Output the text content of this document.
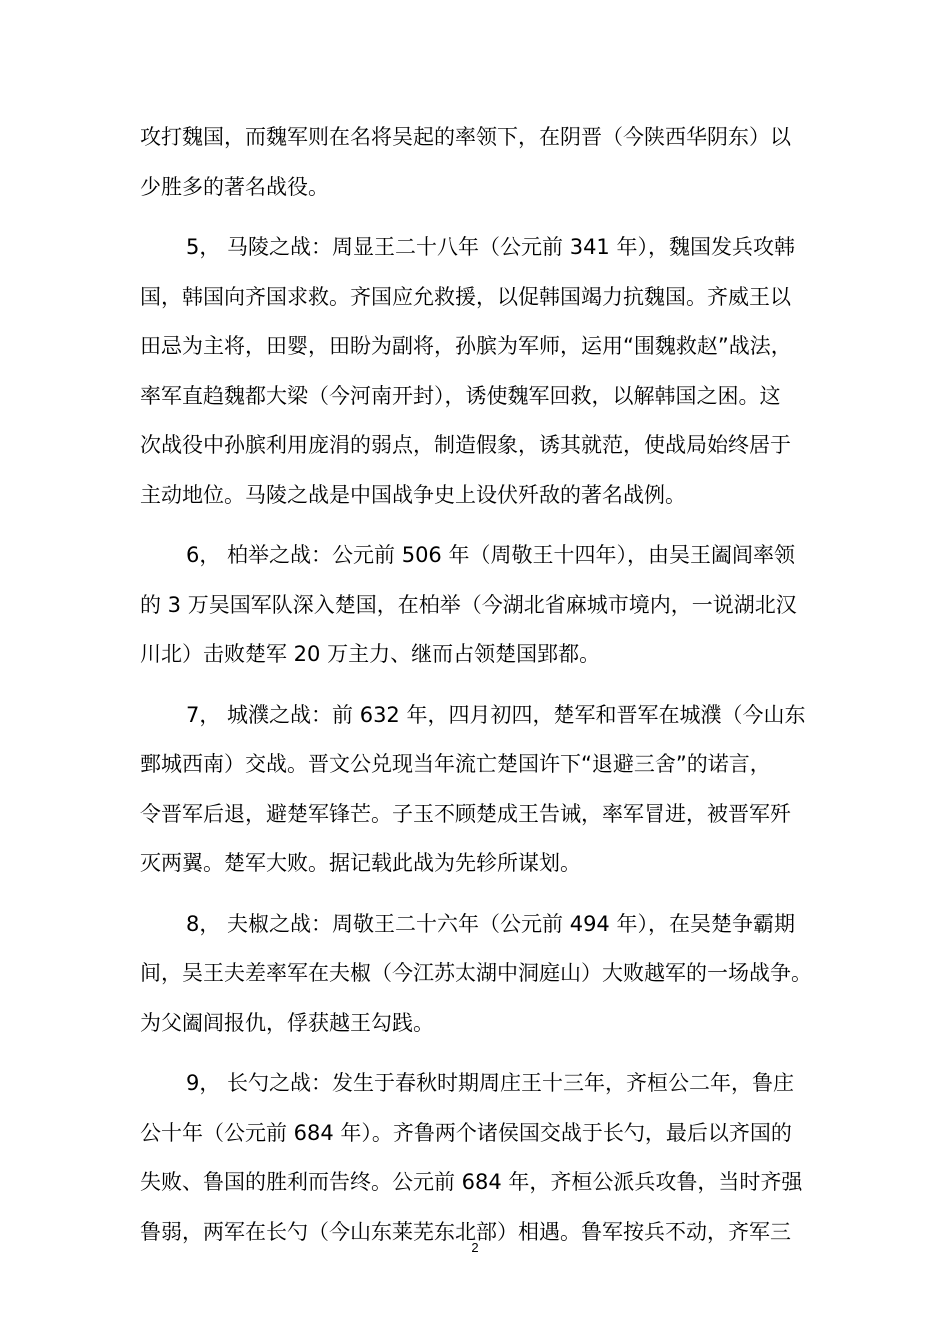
攻打魏国，而魏军则在名将吴起的率领下，在阴晋（今陕西华阴东）以
少胜多的著名战役。
5， 马陵之战：周显王二十八年（公元前 341 年），魏国发兵攻韩
国，韩国向齐国求救。齐国应允救援，以促韩国竭力抗魏国。齐威王以
田忌为主将，田婴，田盼为副将，孙膑为军师，运用“围魏救赵”战法，
率军直趋魏都大梁（今河南开封），诱使魏军回救，以解韩国之困。这
次战役中孙膑利用庞涓的弱点，制造假象，诱其就范，使战局始终居于
主动地位。马陵之战是中国战争史上设伏歼敌的著名战例。
6， 柏举之战：公元前 506 年（周敬王十四年），由吴王阖闾率领
的 3 万吴国军队深入楚国，在柏举（今湖北省麻城市境内，一说湖北汉
川北）击败楚军 20 万主力、继而占领楚国郢都。
7， 城濮之战：前 632 年，四月初四，楚军和晋军在城濮（今山东
鄄城西南）交战。晋文公兑现当年流亡楚国许下“退避三舍”的诺言，
令晋军后退，避楚军锋芒。子玉不顾楚成王告诫，率军冒进，被晋军歼
灭两翼。楚军大败。据记载此战为先轸所谋划。
8， 夫椒之战：周敬王二十六年（公元前 494 年），在吴楚争霸期
间，吴王夫差率军在夫椒（今江苏太湖中洞庭山）大败越军的一场战争。
为父阖闾报仇，俘获越王勾践。
9， 长勺之战：发生于春秋时期周庄王十三年，齐桓公二年，鲁庄
公十年（公元前 684 年）。齐鲁两个诸侯国交战于长勺，最后以齐国的
失败、鲁国的胜利而告终。公元前 684 年，齐桓公派兵攻鲁，当时齐强
鲁弱，两军在长勺（今山东莱芜东北部）相遇。鲁军按兵不动，齐军三
2
